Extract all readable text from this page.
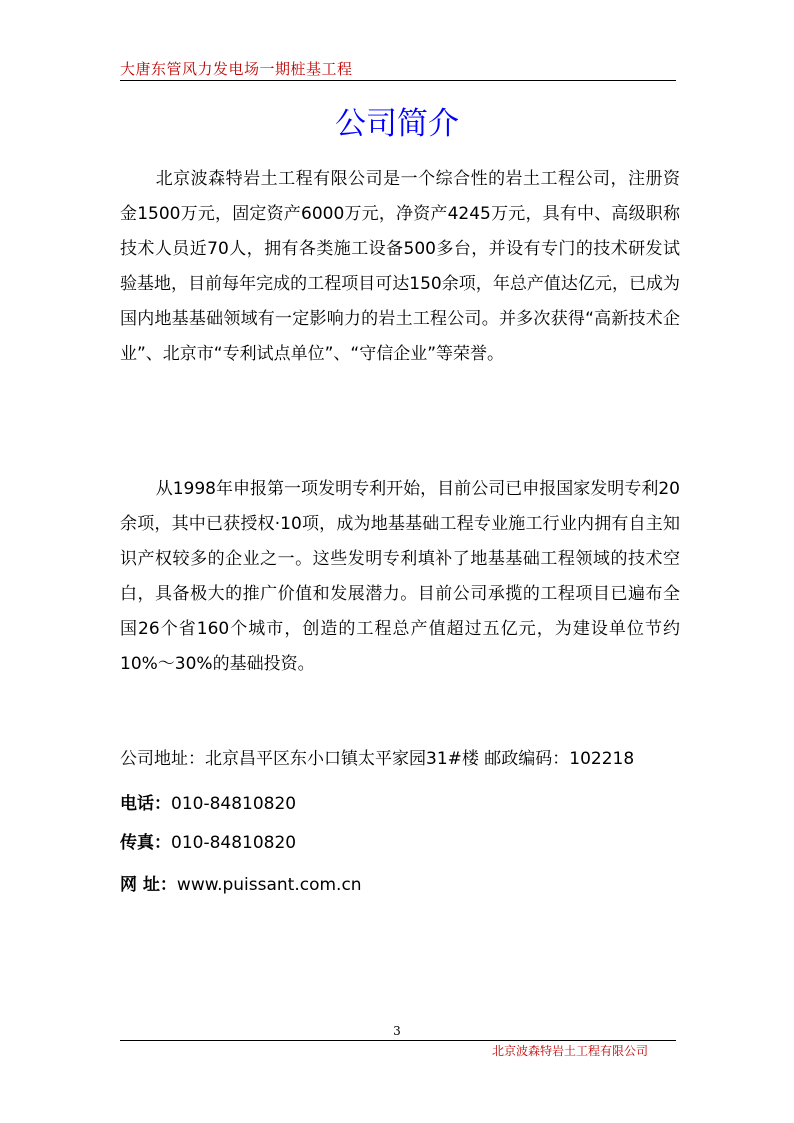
大唐东管风力发电场一期桩基工程
公司简介

北京波森特岩土工程有限公司是一个综合性的岩土工程公司，注册资金1500万元，固定资产6000万元，净资产4245万元，具有中、高级职称技术人员近70人，拥有各类施工设备500多台，并设有专门的技术研发试验基地，目前每年完成的工程项目可达150余项，年总产值达亿元，已成为国内地基基础领域有一定影响力的岩土工程公司。并多次获得“高新技术企业”、北京市“专利试点单位”、“守信企业”等荣誉。

从1998年申报第一项发明专利开始，目前公司已申报国家发明专利20余项，其中已获授权·10项，成为地基基础工程专业施工行业内拥有自主知识产权较多的企业之一。这些发明专利填补了地基基础工程领域的技术空白，具备极大的推广价值和发展潜力。目前公司承揽的工程项目已遍布全国26个省160个城市，创造的工程总产值超过五亿元，为建设单位节约10%～30%的基础投资。

公司地址：北京昌平区东小口镇太平家园31#楼 邮政编码：102218
电话：010-84810820
传真：010-84810820
网 址：www.puissant.com.cn
3
北京波森特岩土工程有限公司
